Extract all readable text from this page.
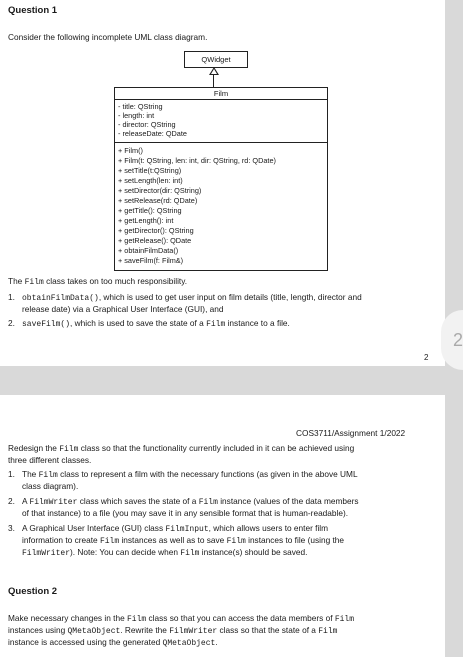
Question 1
Consider the following incomplete UML class diagram.
QWidget
Film
- title: QString
- length: int
- director: QString
- releaseDate: QDate
+ Film()
+ Film(t: QString, len: int, dir: QString, rd: QDate)
+ setTitle(t:QString)
+ setLength(len: int)
+ setDirector(dir: QString)
+ setRelease(rd: QDate)
+ getTitle(): QString
+ getLength(): int
+ getDirector(): QString
+ getRelease(): QDate
+ obtainFilmData()
+ saveFilm(f: Film&)
The Film class takes on too much responsibility.
1. obtainFilmData(), which is used to get user input on film details (title, length, director and
release date) via a Graphical User Interface (GUI), and
2. saveFilm(), which is used to save the state of a Film instance to a file.
2
2
COS3711/Assignment 1/2022
Redesign the Film class so that the functionality currently included in it can be achieved using
three different classes.
1. The Film class to represent a film with the necessary functions (as given in the above UML
class diagram).
2. A FilmWriter class which saves the state of a Film instance (values of the data members
of that instance) to a file (you may save it in any sensible format that is human-readable).
3. A Graphical User Interface (GUI) class FilmInput, which allows users to enter film
information to create Film instances as well as to save Film instances to file (using the
FilmWriter). Note: You can decide when Film instance(s) should be saved.
Question 2
Make necessary changes in the Film class so that you can access the data members of Film
instances using QMetaObject. Rewrite the FilmWriter class so that the state of a Film
instance is accessed using the generated QMetaObject.
